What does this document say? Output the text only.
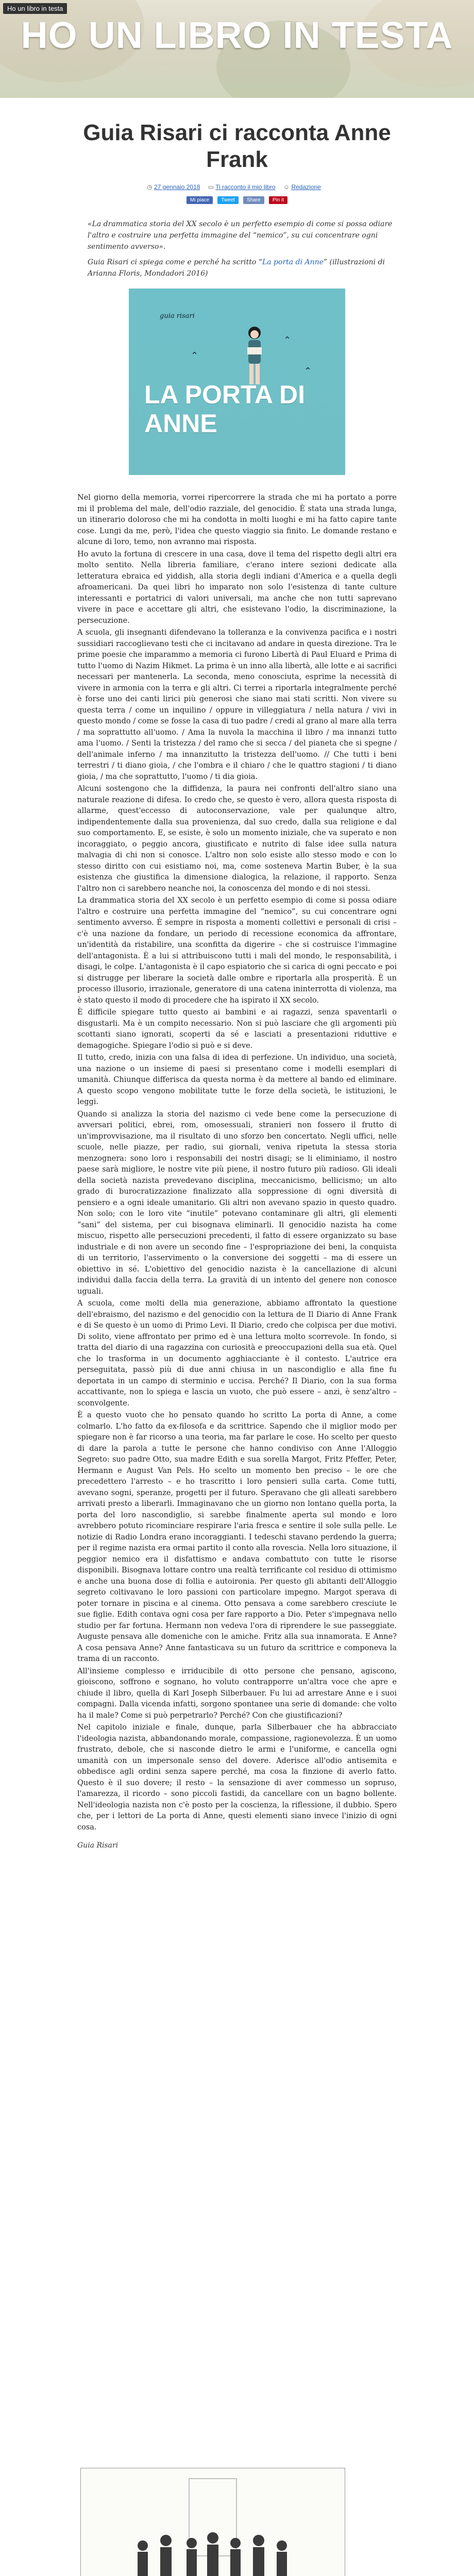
Ho un libro in testa
HO UN LIBRO IN TESTA
Guia Risari ci racconta Anne Frank
◷ 27 gennaio 2018 ▭ Ti racconto il mio libro ☺ Redazione
Mi piace Tweet Share Pin it

«La drammatica storia del XX secolo è un perfetto esempio di come si possa odiare l'altro e costruire una perfetta immagine del “nemico”, su cui concentrare ogni sentimento avverso».

Guia Risari ci spiega come e perché ha scritto “La porta di Anne” (illustrazioni di Arianna Floris, Mondadori 2016)

guia risari
⌃
⌃
⌃
LA PORTA DI ANNE

Nel giorno della memoria, vorrei ripercorrere la strada che mi ha portato a porre mi il problema del male, dell'odio razziale, del genocidio. È stata una strada lunga, un itinerario doloroso che mi ha condotta in molti luoghi e mi ha fatto capire tante cose. Lungi da me, però, l'idea che questo viaggio sia finito. Le domande restano e alcune di loro, temo, non avranno mai risposta.

Ho avuto la fortuna di crescere in una casa, dove il tema del rispetto degli altri era molto sentito. Nella libreria familiare, c'erano intere sezioni dedicate alla letteratura ebraica ed yiddish, alla storia degli indiani d'America e a quella degli afroamericani. Da quei libri ho imparato non solo l'esistenza di tante culture interessanti e portatrici di valori universali, ma anche che non tutti saprevano vivere in pace e accettare gli altri, che esistevano l'odio, la discriminazione, la persecuzione.

A scuola, gli insegnanti difendevano la tolleranza e la convivenza pacifica e i nostri sussidiari raccoglievano testi che ci incitavano ad andare in questa direzione. Tra le prime poesie che imparammo a memoria ci furono Libertà di Paul Eluard e Prima di tutto l'uomo di Nazim Hikmet. La prima è un inno alla libertà, alle lotte e ai sacrifici necessari per mantenerla. La seconda, meno conosciuta, esprime la necessità di vivere in armonia con la terra e gli altri. Ci terrei a riportarla integralmente perché è forse uno dei canti lirici più generosi che siano mai stati scritti. Non vivere su questa terra / come un inquilino / oppure in villeggiatura / nella natura / vivi in questo mondo / come se fosse la casa di tuo padre / credi al grano al mare alla terra / ma soprattutto all'uomo. / Ama la nuvola la macchina il libro / ma innanzi tutto ama l'uomo. / Senti la tristezza / del ramo che si secca / del pianeta che si spegne / dell'animale inferno / ma innanzitutto la tristezza dell'uomo. // Che tutti i beni terrestri / ti diano gioia, / che l'ombra e il chiaro / che le quattro stagioni / ti diano gioia, / ma che soprattutto, l'uomo / ti dia gioia.

Alcuni sostengono che la diffidenza, la paura nei confronti dell'altro siano una naturale reazione di difesa. Io credo che, se questo è vero, allora questa risposta di allarme, quest'eccesso di autoconservazione, vale per qualunque altro, indipendentemente dalla sua provenienza, dal suo credo, dalla sua religione e dal suo comportamento. E, se esiste, è solo un momento iniziale, che va superato e non incoraggiato, o peggio ancora, giustificato e nutrito di false idee sulla natura malvagia di chi non si conosce. L'altro non solo esiste allo stesso modo e con lo stesso diritto con cui esistiamo noi, ma, come sosteneva Martin Buber, è la sua esistenza che giustifica la dimensione dialogica, la relazione, il rapporto. Senza l'altro non ci sarebbero neanche noi, la conoscenza del mondo e di noi stessi.

La drammatica storia del XX secolo è un perfetto esempio di come si possa odiare l'altro e costruire una perfetta immagine del “nemico”, su cui concentrare ogni sentimento avverso. È sempre in risposta a momenti collettivi e personali di crisi – c'è una nazione da fondare, un periodo di recessione economica da affrontare, un'identità da ristabilire, una sconfitta da digerire – che si costruisce l'immagine dell'antagonista. È a lui si attribuiscono tutti i mali del mondo, le responsabilità, i disagi, le colpe. L'antagonista è il capo espiatorio che si carica di ogni peccato e poi si distrugge per liberare la società dalle ombre e riportarla alla prosperità. È un processo illusorio, irrazionale, generatore di una catena ininterrotta di violenza, ma è stato questo il modo di procedere che ha ispirato il XX secolo.

È difficile spiegare tutto questo ai bambini e ai ragazzi, senza spaventarli o disgustarli. Ma è un compito necessario. Non si può lasciare che gli argomenti più scottanti siano ignorati, scoperti da sé e lasciati a presentazioni riduttive e demagogiche. Spiegare l'odio si può e si deve.

Il tutto, credo, inizia con una falsa di idea di perfezione. Un individuo, una società, una nazione o un insieme di paesi si presentano come i modelli esemplari di umanità. Chiunque differisca da questa norma è da mettere al bando ed eliminare. A questo scopo vengono mobilitate tutte le forze della società, le istituzioni, le leggi.

Quando si analizza la storia del nazismo ci vede bene come la persecuzione di avversari politici, ebrei, rom, omosessuali, stranieri non fossero il frutto di un'improvvisazione, ma il risultato di uno sforzo ben concertato. Negli uffici, nelle scuole, nelle piazze, per radio, sui giornali, veniva ripetuta la stessa storia menzognera: sono loro i responsabili dei nostri disagi; se li eliminiamo, il nostro paese sarà migliore, le nostre vite più piene, il nostro futuro più radioso. Gli ideali della società nazista prevedevano disciplina, meccanicismo, bellicismo; un alto grado di burocratizzazione finalizzato alla soppressione di ogni diversità di pensiero e a ogni ideale umanitario. Gli altri non avevano spazio in questo quadro. Non solo; con le loro vite “inutile” potevano contaminare gli altri, gli elementi “sani” del sistema, per cui bisognava eliminarli. Il genocidio nazista ha come miscuo, rispetto alle persecuzioni precedenti, il fatto di essere organizzato su base industriale e di non avere un secondo fine – l'espropriazione dei beni, la conquista di un territorio, l'asservimento o la conversione dei soggetti – ma di essere un obiettivo in sé. L'obiettivo del genocidio nazista è la cancellazione di alcuni individui dalla faccia della terra. La gravità di un intento del genere non conosce uguali.

A scuola, come molti della mia generazione, abbiamo affrontato la questione dell'ebraismo, del nazismo e del genocidio con la lettura de Il Diario di Anne Frank e di Se questo è un uomo di Primo Levi. Il Diario, credo che colpisca per due motivi. Di solito, viene affrontato per primo ed è una lettura molto scorrevole. In fondo, si tratta del diario di una ragazzina con curiosità e preoccupazioni della sua età. Quel che lo trasforma in un documento agghiacciante è il contesto. L'autrice era perseguitata, passò più di due anni chiusa in un nascondiglio e alla fine fu deportata in un campo di sterminio e uccisa. Perché? Il Diario, con la sua forma accattivante, non lo spiega e lascia un vuoto, che può essere – anzi, è senz'altro – sconvolgente.

È a questo vuoto che ho pensato quando ho scritto La porta di Anne, a come colmarlo. L'ho fatto da ex-filosofa e da scrittrice. Sapendo che il miglior modo per spiegare non è far ricorso a una teoria, ma far parlare le cose. Ho scelto per questo di dare la parola a tutte le persone che hanno condiviso con Anne l'Alloggio Segreto: suo padre Otto, sua madre Edith e sua sorella Margot, Fritz Pfeffer, Peter, Hermann e August Van Pels. Ho scelto un momento ben preciso – le ore che precedettero l'arresto – e ho trascritto i loro pensieri sulla carta. Come tutti, avevano sogni, speranze, progetti per il futuro. Speravano che gli alleati sarebbero arrivati presto a liberarli. Immaginavano che un giorno non lontano quella porta, la porta del loro nascondiglio, si sarebbe finalmente aperta sul mondo e loro avrebbero potuto ricominciare respirare l'aria fresca e sentire il sole sulla pelle. Le notizie di Radio Londra erano incoraggianti. I tedeschi stavano perdendo la guerra; per il regime nazista era ormai partito il conto alla rovescia. Nella loro situazione, il peggior nemico era il disfattismo e andava combattuto con tutte le risorse disponibili. Bisognava lottare contro una realtà terrificante col residuo di ottimismo e anche una buona dose di follia e autoironia. Per questo gli abitanti dell'Alloggio segreto coltivavano le loro passioni con particolare impegno. Margot sperava di poter tornare in piscina e al cinema. Otto pensava a come sarebbero cresciute le sue figlie. Edith contava ogni cosa per fare rapporto a Dio. Peter s'impegnava nello studio per far fortuna. Hermann non vedeva l'ora di riprendere le sue passeggiate. Auguste pensava alle domeniche con le amiche. Fritz alla sua innamorata. E Anne? A cosa pensava Anne? Anne fantasticava su un futuro da scrittrice e componeva la trama di un racconto.

All'insieme complesso e irriducibile di otto persone che pensano, agiscono, gioiscono, soffrono e sognano, ho voluto contrapporre un'altra voce che apre e chiude il libro, quella di Karl Joseph Silberbauer. Fu lui ad arrestare Anne e i suoi compagni. Dalla vicenda infatti, sorgono spontanee una serie di domande: che volto ha il male? Come si può perpetrarlo? Perché? Con che giustificazioni?

Nel capitolo iniziale e finale, dunque, parla Silberbauer che ha abbracciato l'ideologia nazista, abbandonando morale, compassione, ragionevolezza. È un uomo frustrato, debole, che si nasconde dietro le armi e l'uniforme, e cancella ogni umanità con un impersonale senso del dovere. Aderisce all'odio antisemita e obbedisce agli ordini senza sapere perché, ma cosa la finzione di averlo fatto. Questo è il suo dovere; il resto – la sensazione di aver commesso un sopruso, l'amarezza, il ricordo – sono piccoli fastidi, da cancellare con un bagno bollente. Nell'ideologia nazista non c'è posto per la coscienza, la riflessione, il dubbio. Spero che, per i lettori de La porta di Anne, questi elementi siano invece l'inizio di ogni cosa.

Guia Risari
